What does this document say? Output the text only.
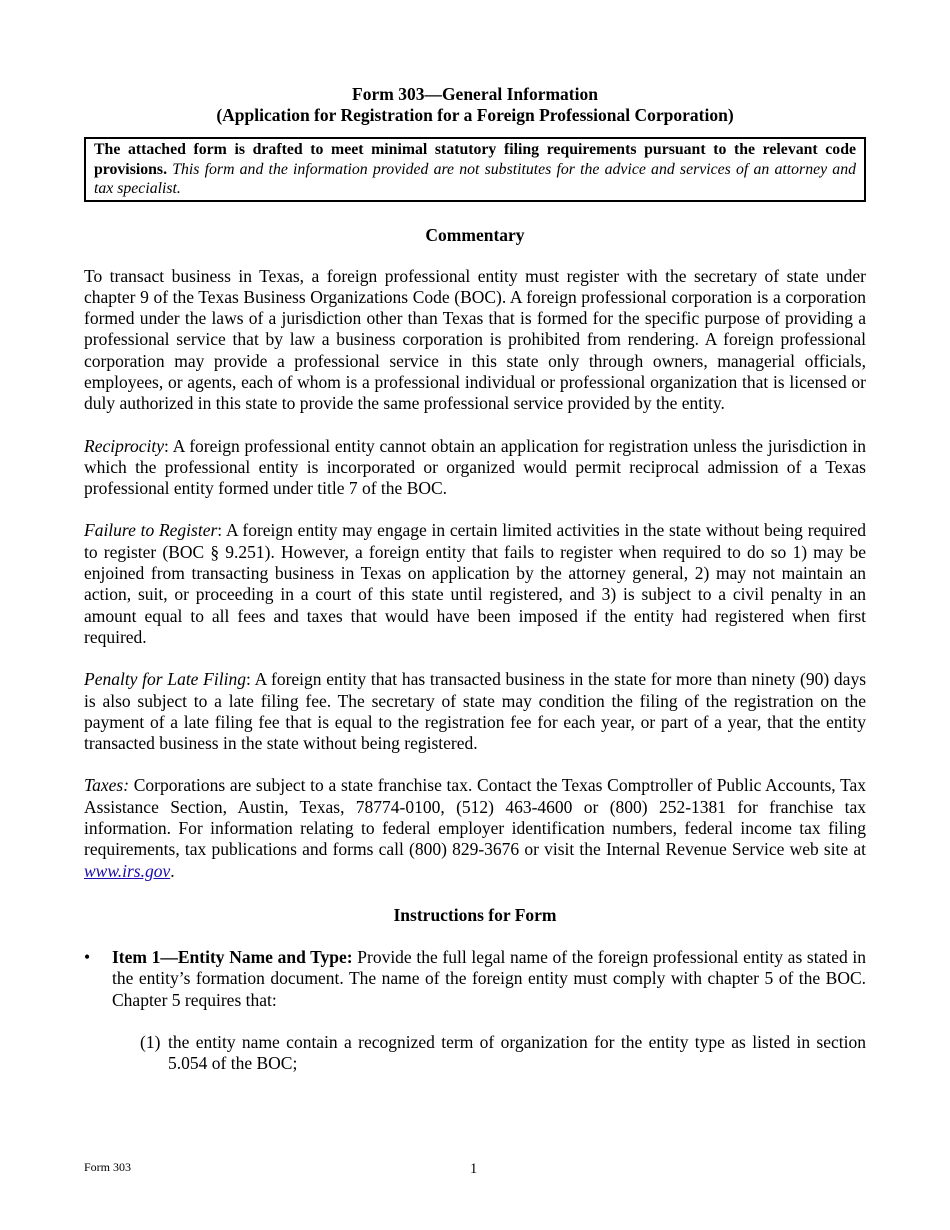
Form 303—General Information
(Application for Registration for a Foreign Professional Corporation)
The attached form is drafted to meet minimal statutory filing requirements pursuant to the relevant code provisions. This form and the information provided are not substitutes for the advice and services of an attorney and tax specialist.
Commentary

To transact business in Texas, a foreign professional entity must register with the secretary of state under chapter 9 of the Texas Business Organizations Code (BOC). A foreign professional corporation is a corporation formed under the laws of a jurisdiction other than Texas that is formed for the specific purpose of providing a professional service that by law a business corporation is prohibited from rendering. A foreign professional corporation may provide a professional service in this state only through owners, managerial officials, employees, or agents, each of whom is a professional individual or professional organization that is licensed or duly authorized in this state to provide the same professional service provided by the entity.

Reciprocity: A foreign professional entity cannot obtain an application for registration unless the jurisdiction in which the professional entity is incorporated or organized would permit reciprocal admission of a Texas professional entity formed under title 7 of the BOC.

Failure to Register: A foreign entity may engage in certain limited activities in the state without being required to register (BOC § 9.251). However, a foreign entity that fails to register when required to do so 1) may be enjoined from transacting business in Texas on application by the attorney general, 2) may not maintain an action, suit, or proceeding in a court of this state until registered, and 3) is subject to a civil penalty in an amount equal to all fees and taxes that would have been imposed if the entity had registered when first required.

Penalty for Late Filing: A foreign entity that has transacted business in the state for more than ninety (90) days is also subject to a late filing fee. The secretary of state may condition the filing of the registration on the payment of a late filing fee that is equal to the registration fee for each year, or part of a year, that the entity transacted business in the state without being registered.

Taxes: Corporations are subject to a state franchise tax. Contact the Texas Comptroller of Public Accounts, Tax Assistance Section, Austin, Texas, 78774-0100, (512) 463-4600 or (800) 252-1381 for franchise tax information. For information relating to federal employer identification numbers, federal income tax filing requirements, tax publications and forms call (800) 829-3676 or visit the Internal Revenue Service web site at www.irs.gov.

Instructions for Form
•	Item 1—Entity Name and Type: Provide the full legal name of the foreign professional entity as stated in the entity’s formation document. The name of the foreign entity must comply with chapter 5 of the BOC. Chapter 5 requires that:
(1) the entity name contain a recognized term of organization for the entity type as listed in section 5.054 of the BOC;
Form 303	1
